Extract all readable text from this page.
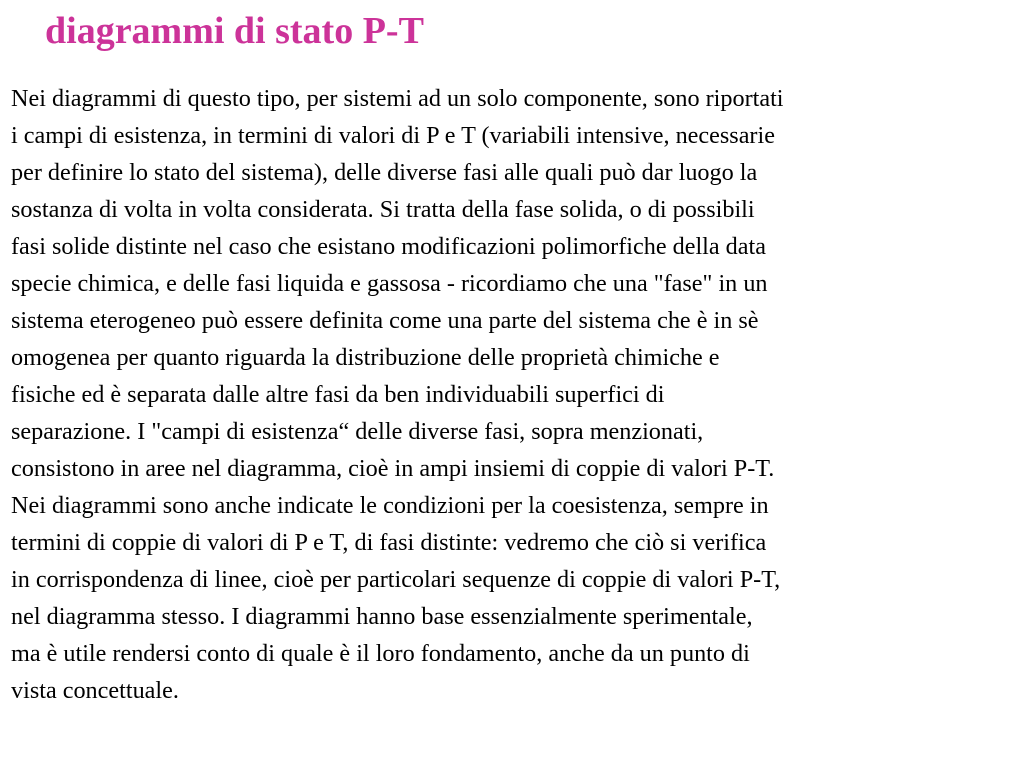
diagrammi di stato P-T

Nei diagrammi di questo tipo, per sistemi ad un solo componente, sono riportati
i campi di esistenza, in termini di valori di P e T (variabili intensive, necessarie
per definire lo stato del sistema), delle diverse fasi alle quali può dar luogo la
sostanza di volta in volta considerata. Si tratta della fase solida, o di possibili
fasi solide distinte nel caso che esistano modificazioni polimorfiche della data
specie chimica, e delle fasi liquida e gassosa - ricordiamo che una "fase" in un
sistema eterogeneo può essere definita come una parte del sistema che è in sè
omogenea per quanto riguarda la distribuzione delle proprietà chimiche e
fisiche ed è separata dalle altre fasi da ben individuabili superfici di
separazione. I "campi di esistenza“ delle diverse fasi, sopra menzionati,
consistono in aree nel diagramma, cioè in ampi insiemi di coppie di valori P-T.
Nei diagrammi sono anche indicate le condizioni per la coesistenza, sempre in
termini di coppie di valori di P e T, di fasi distinte: vedremo che ciò si verifica
in corrispondenza di linee, cioè per particolari sequenze di coppie di valori P-T,
nel diagramma stesso. I diagrammi hanno base essenzialmente sperimentale,
ma è utile rendersi conto di quale è il loro fondamento, anche da un punto di
vista concettuale.
